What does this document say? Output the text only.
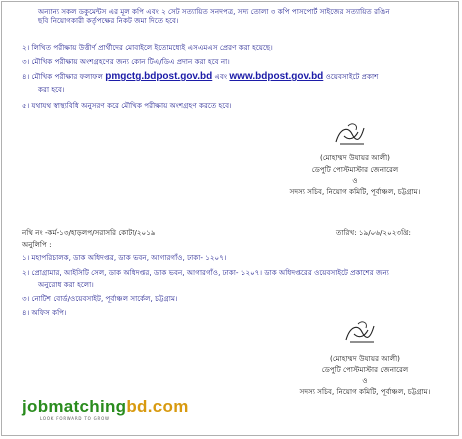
অন্যান্য সকল ডকুমেন্টস এর মূল কপি এবং ২ সেট সত্যায়িত সনদপত্র, সদ্য তোলা ৩ কপি পাসপোর্ট সাইজের সত্যায়িত রঙিন
ছবি নিয়োগকারী কর্তৃপক্ষের নিকট জমা দিতে হবে।
২। লিখিত পরীক্ষায় উত্তীর্ণ প্রার্থীদের মোবাইলে ইতোমধ্যেই এসএমএস প্রেরণ করা হয়েছে।
৩। মৌখিক পরীক্ষায় অংশগ্রহণের জন্য কোন টিএ/ডিএ প্রদান করা হবে না।
৪। মৌখিক পরীক্ষার ফলাফল pmgctg.bdpost.gov.bd এবং www.bdpost.gov.bd ওয়েবসাইটে প্রকাশ
করা হবে।
৫। যথাযথ স্বাস্থ্যবিধি অনুসরণ করে মৌখিক পরীক্ষায় অংশগ্রহণ করতে হবে।
(মোহাম্মদ উযায়র আলী)
ডেপুটি পোস্টমাস্টার জেনারেল
ও
সদস্য সচিব, নিয়োগ কমিটি, পূর্বাঞ্চল, চট্টগ্রাম।
নথি নং -কর্ম-১৩/হাড়লপ/সরাসরি কোটা/২০১৯	তারিখ: ১৯/০৬/২০২৩খ্রি:
অনুলিপি :
১। মহাপরিচালক, ডাক অধিদপ্তর, ডাক ভবন, আগারগাঁও, ঢাকা- ১২০৭।
২। প্রোগ্রামার, আইসিটি সেল, ডাক অধিদপ্তর, ডাক ভবন, আগারগাঁও, ঢাকা- ১২০৭। ডাক অধিদপ্তরের ওয়েবসাইটে প্রকাশের জন্য
অনুরোধ করা হলো।
৩। নোটিশ বোর্ড/ওয়েবসাইট, পূর্বাঞ্চল সার্কেল, চট্টগ্রাম।
৪। অফিস কপি।
(মোহাম্মদ উযায়র আলী)
ডেপুটি পোস্টমাস্টার জেনারেল
ও
সদস্য সচিব, নিয়োগ কমিটি, পূর্বাঞ্চল, চট্টগ্রাম।
jobmatchingbd.com
LOOK FORWARD TO GROW
